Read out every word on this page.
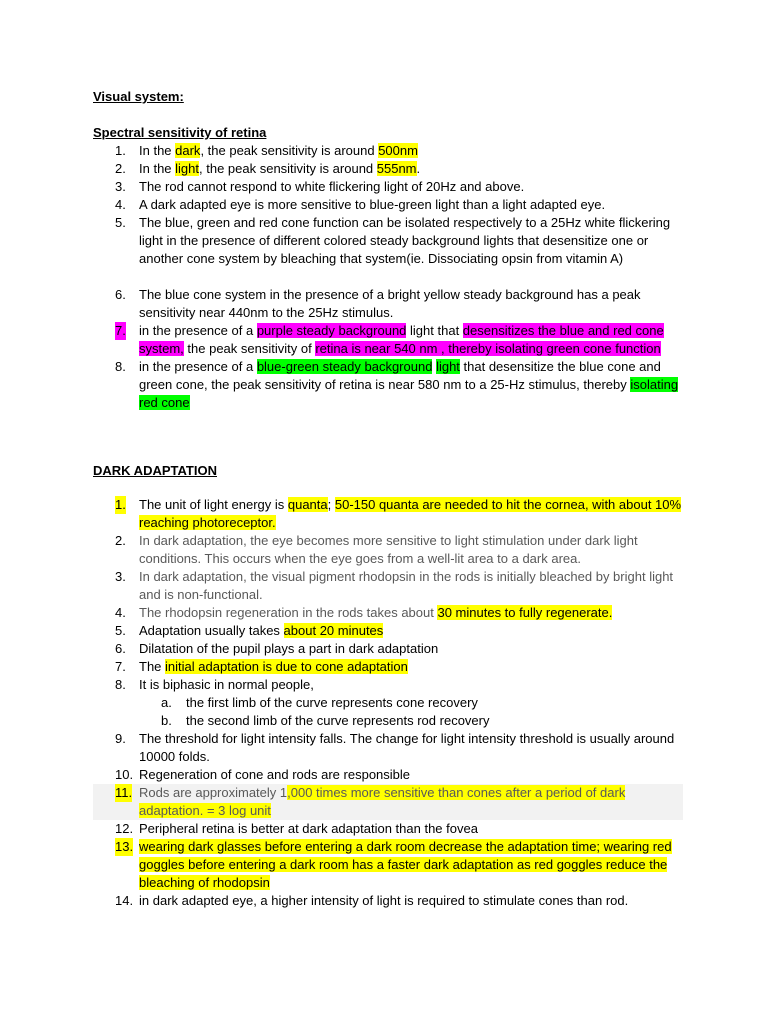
Visual system:
Spectral sensitivity of retina
1. In the dark, the peak sensitivity is around 500nm
2. In the light, the peak sensitivity is around 555nm.
3. The rod cannot respond to white flickering light of 20Hz and above.
4. A dark adapted eye is more sensitive to blue-green light than a light adapted eye.
5. The blue, green and red cone function can be isolated respectively to a 25Hz white flickering light in the presence of different colored steady background lights that desensitize one or another cone system by bleaching that system(ie. Dissociating opsin from vitamin A)
6. The blue cone system in the presence of a bright yellow steady background has a peak sensitivity near 440nm to the 25Hz stimulus.
7. in the presence of a purple steady background light that desensitizes the blue and red cone system, the peak sensitivity of retina is near 540 nm , thereby isolating green cone function
8. in the presence of a blue-green steady background light that desensitize the blue cone and green cone, the peak sensitivity of retina is near 580 nm to a 25-Hz stimulus, thereby isolating red cone
DARK ADAPTATION
1. The unit of light energy is quanta; 50-150 quanta are needed to hit the cornea, with about 10% reaching photoreceptor.
2. In dark adaptation, the eye becomes more sensitive to light stimulation under dark light conditions. This occurs when the eye goes from a well-lit area to a dark area.
3. In dark adaptation, the visual pigment rhodopsin in the rods is initially bleached by bright light and is non-functional.
4. The rhodopsin regeneration in the rods takes about 30 minutes to fully regenerate.
5. Adaptation usually takes about 20 minutes
6. Dilatation of the pupil plays a part in dark adaptation
7. The initial adaptation is due to cone adaptation
8. It is biphasic in normal people,
a. the first limb of the curve represents cone recovery
b. the second limb of the curve represents rod recovery
9. The threshold for light intensity falls. The change for light intensity threshold is usually around 10000 folds.
10. Regeneration of cone and rods are responsible
11. Rods are approximately 1,000 times more sensitive than cones after a period of dark adaptation. = 3 log unit
12. Peripheral retina is better at dark adaptation than the fovea
13. wearing dark glasses before entering a dark room decrease the adaptation time; wearing red goggles before entering a dark room has a faster dark adaptation as red goggles reduce the bleaching of rhodopsin
14. in dark adapted eye, a higher intensity of light is required to stimulate cones than rod.
